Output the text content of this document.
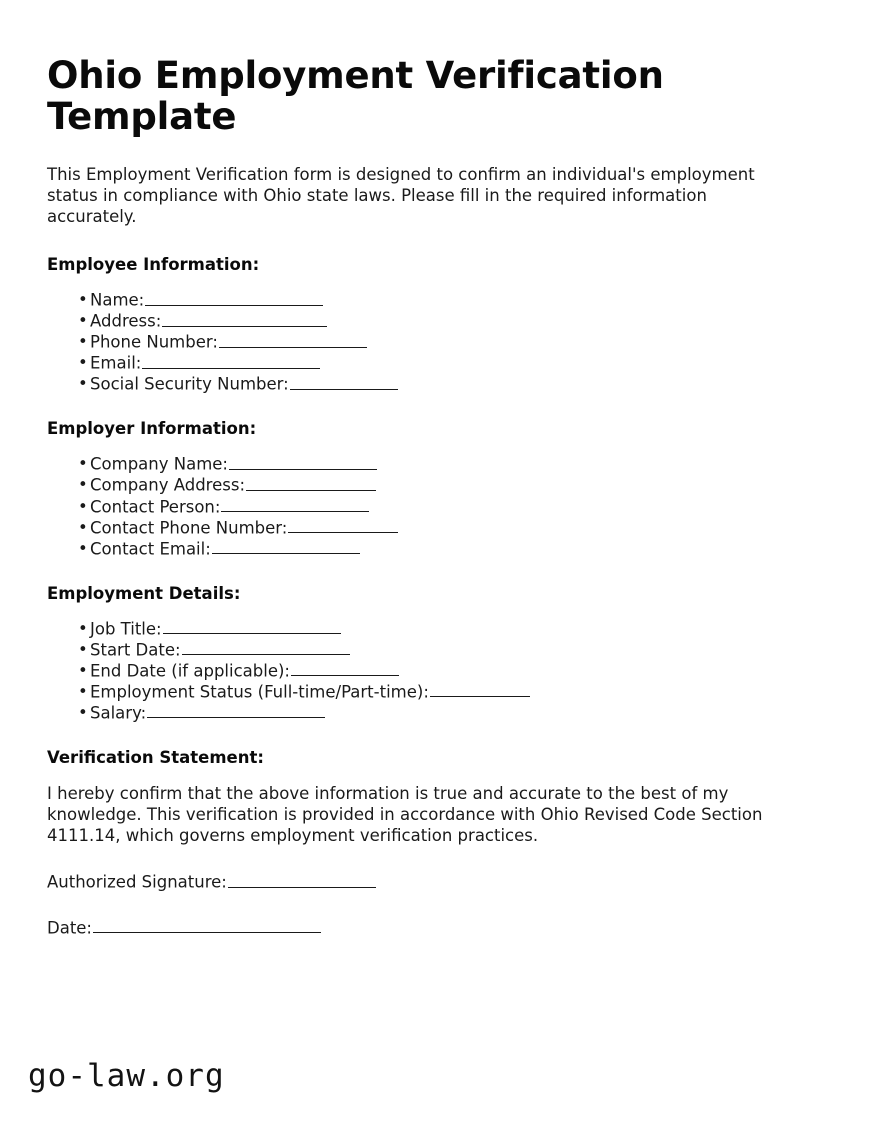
Ohio Employment Verification Template

This Employment Verification form is designed to confirm an individual's employment status in compliance with Ohio state laws. Please fill in the required information accurately.

Employee Information:
• Name:
• Address:
• Phone Number:
• Email:
• Social Security Number:
Employer Information:
• Company Name:
• Company Address:
• Contact Person:
• Contact Phone Number:
• Contact Email:
Employment Details:
• Job Title:
• Start Date:
• End Date (if applicable):
• Employment Status (Full-time/Part-time):
• Salary:
Verification Statement:

I hereby confirm that the above information is true and accurate to the best of my knowledge. This verification is provided in accordance with Ohio Revised Code Section 4111.14, which governs employment verification practices.

Authorized Signature:
Date:
go-law.org
